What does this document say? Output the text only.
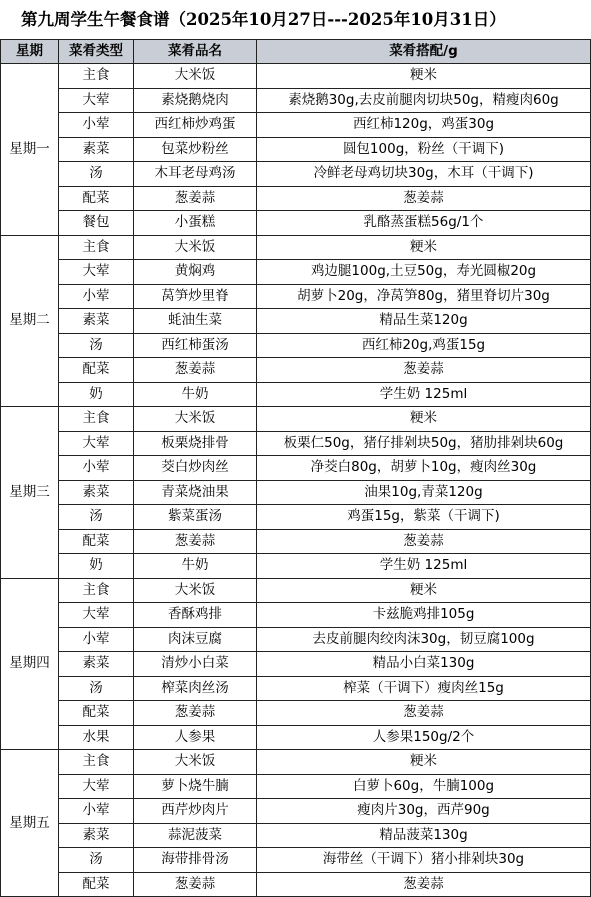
第九周学生午餐食谱（2025年10月27日---2025年10月31日）
星期	菜肴类型	菜肴品名	菜肴搭配/g
星期一	主食	大米饭	粳米
	大荤	素烧鹅烧肉	素烧鹅30g,去皮前腿肉切块50g，精瘦肉60g
	小荤	西红柿炒鸡蛋	西红柿120g，鸡蛋30g
	素菜	包菜炒粉丝	圆包100g，粉丝（干调下)
	汤	木耳老母鸡汤	冷鲜老母鸡切块30g，木耳（干调下)
	配菜	葱姜蒜	葱姜蒜
	餐包	小蛋糕	乳酪蒸蛋糕56g/1个
星期二	主食	大米饭	粳米
	大荤	黄焖鸡	鸡边腿100g,土豆50g，寿光圆椒20g
	小荤	莴笋炒里脊	胡萝卜20g，净莴笋80g，猪里脊切片30g
	素菜	蚝油生菜	精品生菜120g
	汤	西红柿蛋汤	西红柿20g,鸡蛋15g
	配菜	葱姜蒜	葱姜蒜
	奶	牛奶	学生奶 125ml
星期三	主食	大米饭	粳米
	大荤	板栗烧排骨	板栗仁50g，猪仔排剁块50g，猪肋排剁块60g
	小荤	茭白炒肉丝	净茭白80g，胡萝卜10g，瘦肉丝30g
	素菜	青菜烧油果	油果10g,青菜120g
	汤	紫菜蛋汤	鸡蛋15g，紫菜（干调下)
	配菜	葱姜蒜	葱姜蒜
	奶	牛奶	学生奶 125ml
星期四	主食	大米饭	粳米
	大荤	香酥鸡排	卡兹脆鸡排105g
	小荤	肉沫豆腐	去皮前腿肉绞肉沫30g，韧豆腐100g
	素菜	清炒小白菜	精品小白菜130g
	汤	榨菜肉丝汤	榨菜（干调下）瘦肉丝15g
	配菜	葱姜蒜	葱姜蒜
	水果	人参果	人参果150g/2个
星期五	主食	大米饭	粳米
	大荤	萝卜烧牛腩	白萝卜60g，牛腩100g
	小荤	西芹炒肉片	瘦肉片30g，西芹90g
	素菜	蒜泥菠菜	精品菠菜130g
	汤	海带排骨汤	海带丝（干调下）猪小排剁块30g
	配菜	葱姜蒜	葱姜蒜
